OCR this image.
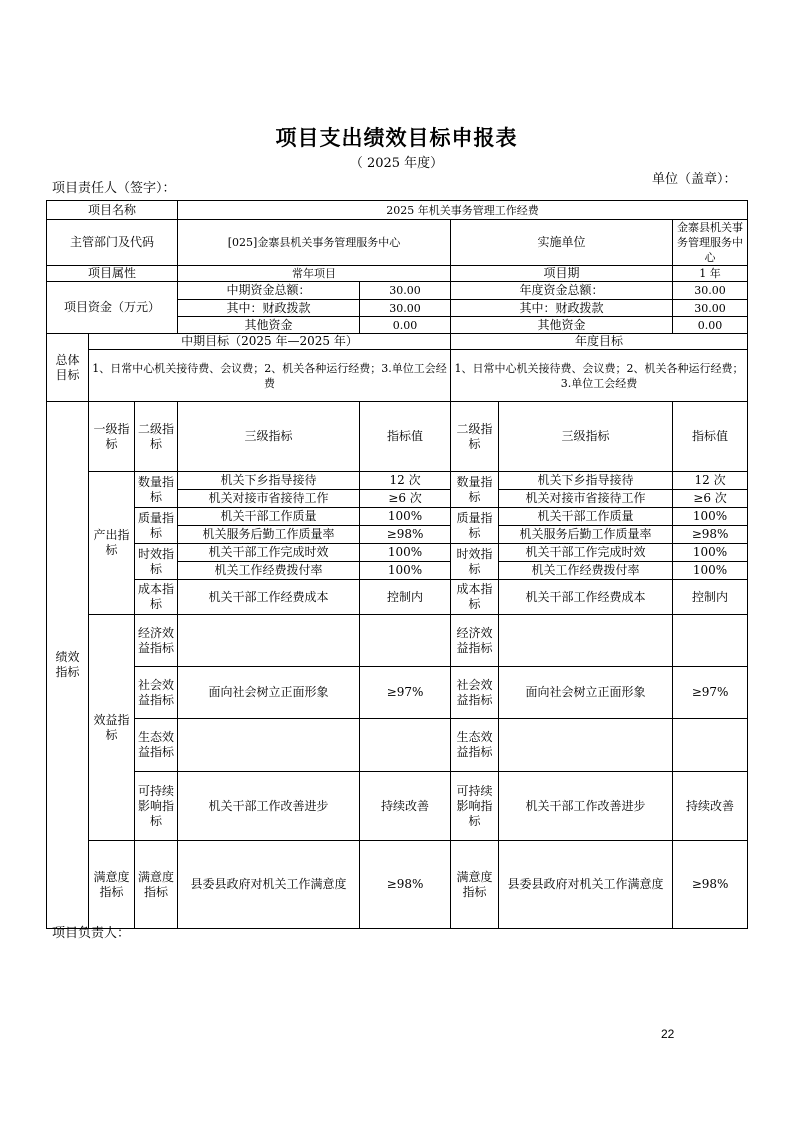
项目支出绩效目标申报表
（ 2025 年度）
项目责任人（签字）：
单位（盖章）：
项目名称			2025 年机关事务管理工作经费				
主管部门及代码			[025]金寨县机关事务管理服务中心		实施单位		金寨县机关事务管理服务中心
项目属性			常年项目		项目期		1 年
项目资金（万元）			中期资金总额：	30.00	年度资金总额：		30.00
			其中：财政拨款	30.00	其中：财政拨款		30.00
			其他资金	0.00	其他资金		0.00
总体目标	中期目标（2025 年—2025 年）				年度目标		
	1、日常中心机关接待费、会议费；2、机关各种运行经费；3.单位工会经费				1、日常中心机关接待费、会议费；2、机关各种运行经费；3.单位工会经费		
绩效指标	一级指标	二级指标	三级指标	指标值	二级指标	三级指标	指标值
	产出指标	数量指标	机关下乡指导接待	12 次	数量指标	机关下乡指导接待	12 次
			机关对接市省接待工作	≥6 次		机关对接市省接待工作	≥6 次
		质量指标	机关干部工作质量	100%	质量指标	机关干部工作质量	100%
			机关服务后勤工作质量率	≥98%		机关服务后勤工作质量率	≥98%
		时效指标	机关干部工作完成时效	100%	时效指标	机关干部工作完成时效	100%
			机关工作经费拨付率	100%		机关工作经费拨付率	100%
		成本指标	机关干部工作经费成本	控制内	成本指标	机关干部工作经费成本	控制内
	效益指标	经济效益指标			经济效益指标		
		社会效益指标	面向社会树立正面形象	≥97%	社会效益指标	面向社会树立正面形象	≥97%
		生态效益指标			生态效益指标		
		可持续影响指标	机关干部工作改善进步	持续改善	可持续影响指标	机关干部工作改善进步	持续改善
	满意度指标	满意度指标	县委县政府对机关工作满意度	≥98%	满意度指标	县委县政府对机关工作满意度	≥98%
项目负责人：
22
